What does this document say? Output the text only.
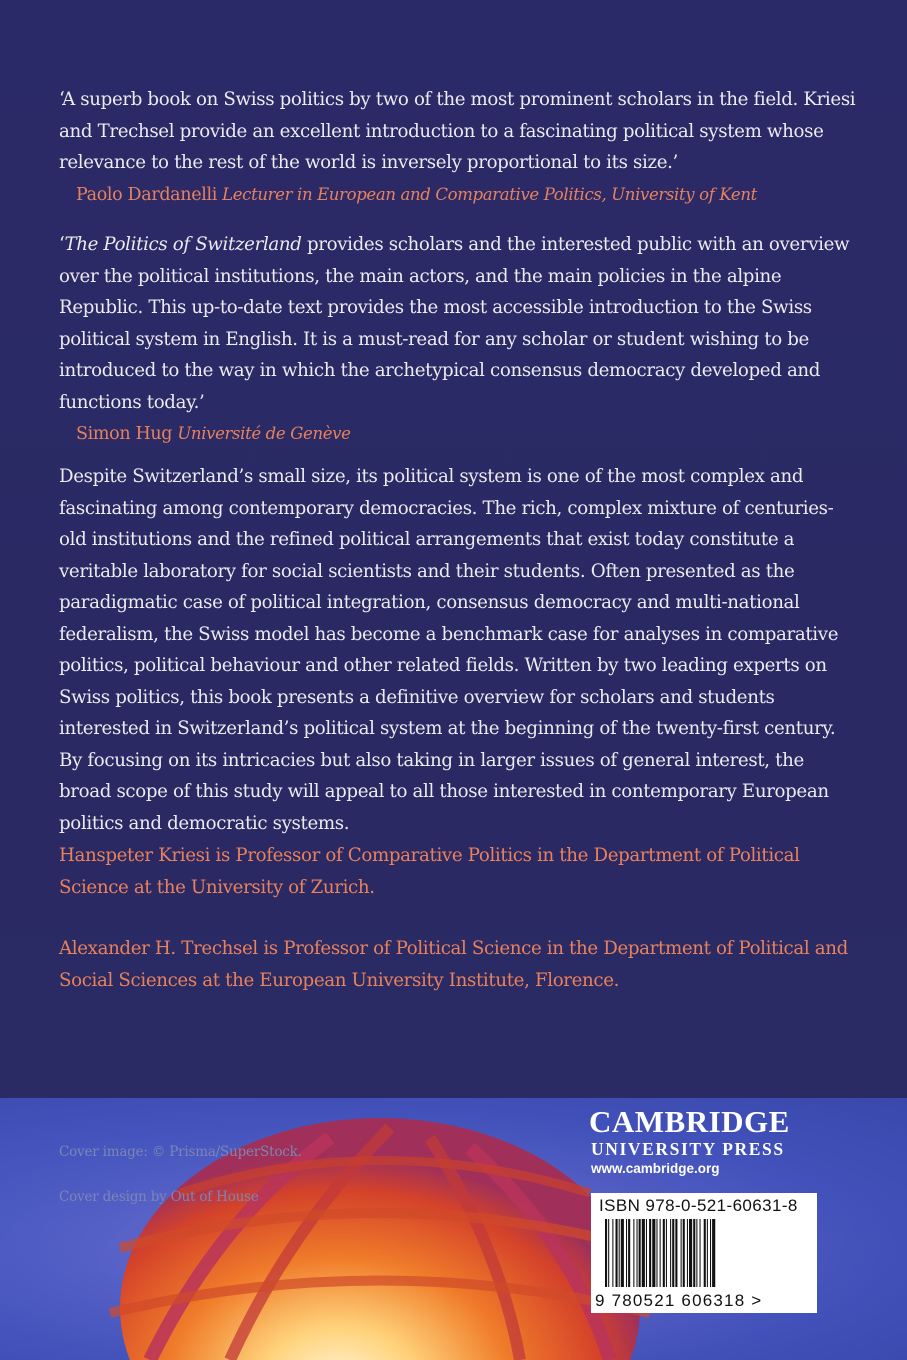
‘A superb book on Swiss politics by two of the most prominent scholars in the field. Kriesi and Trechsel provide an excellent introduction to a fascinating political system whose relevance to the rest of the world is inversely proportional to its size.’
Paolo Dardanelli Lecturer in European and Comparative Politics, University of Kent
‘The Politics of Switzerland provides scholars and the interested public with an overview over the political institutions, the main actors, and the main policies in the alpine Republic. This up-to-date text provides the most accessible introduction to the Swiss political system in English. It is a must-read for any scholar or student wishing to be introduced to the way in which the archetypical consensus democracy developed and functions today.’
Simon Hug Université de Genève
Despite Switzerland’s small size, its political system is one of the most complex and fascinating among contemporary democracies. The rich, complex mixture of centuries-old institutions and the refined political arrangements that exist today constitute a veritable laboratory for social scientists and their students. Often presented as the paradigmatic case of political integration, consensus democracy and multi-national federalism, the Swiss model has become a benchmark case for analyses in comparative politics, political behaviour and other related fields. Written by two leading experts on Swiss politics, this book presents a definitive overview for scholars and students interested in Switzerland’s political system at the beginning of the twenty-first century. By focusing on its intricacies but also taking in larger issues of general interest, the broad scope of this study will appeal to all those interested in contemporary European politics and democratic systems.
Hanspeter Kriesi is Professor of Comparative Politics in the Department of Political Science at the University of Zurich.
Alexander H. Trechsel is Professor of Political Science in the Department of Political and Social Sciences at the European University Institute, Florence.
Cover image: © Prisma/SuperStock.
Cover design by Out of House
CAMBRIDGE
UNIVERSITY PRESS
www.cambridge.org
ISBN 978-0-521-60631-8
9 780521 606318 >
